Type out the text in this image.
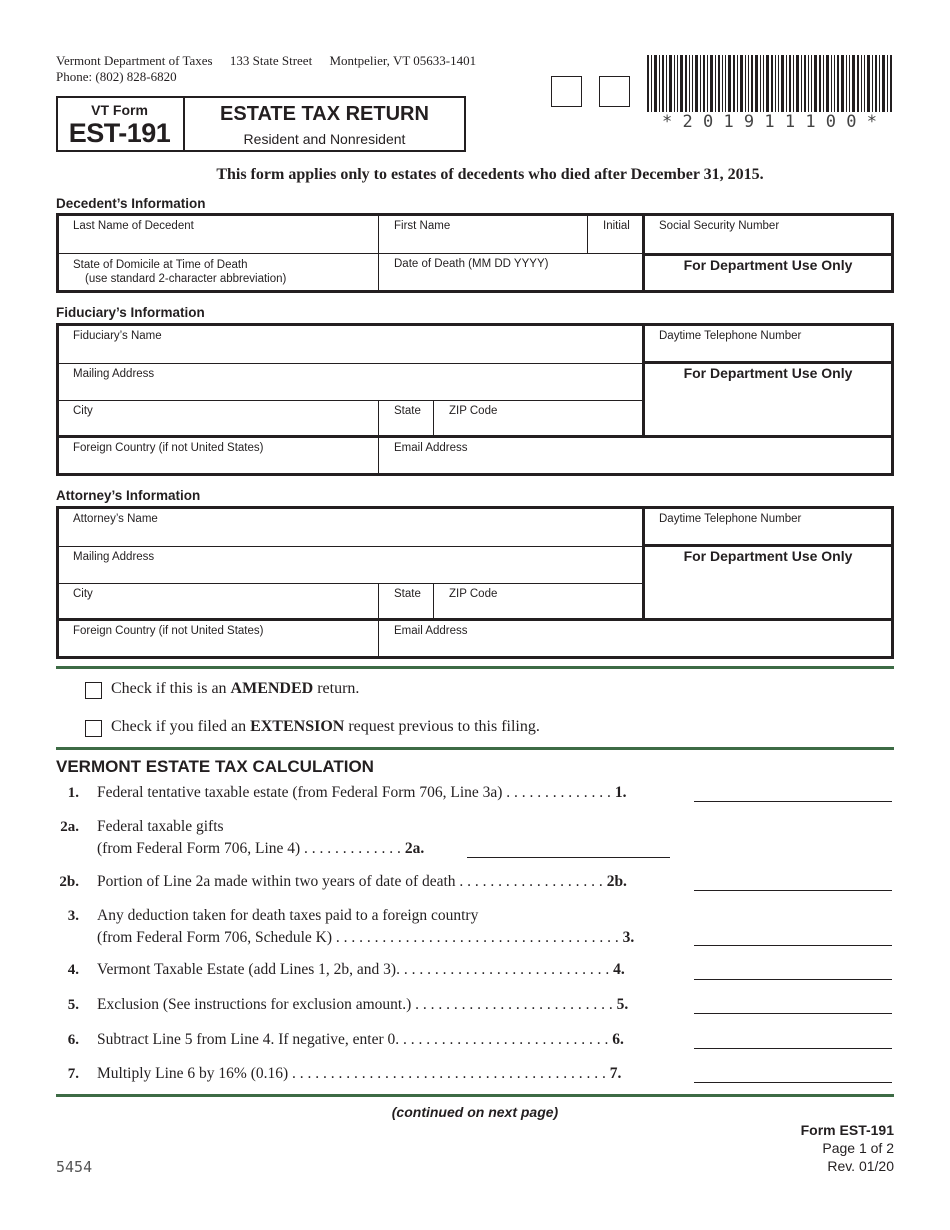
Vermont Department of Taxes 133 State Street Montpelier, VT 05633-1401
Phone: (802) 828-6820
VT Form
EST-191
ESTATE TAX RETURN
Resident and Nonresident
* 2 0 1 9 1 1 1 0 0 *
This form applies only to estates of decedents who died after December 31, 2015.
Decedent’s Information
Last Name of Decedent	First Name	Initial	Social Security Number
State of Domicile at Time of Death
(use standard 2-character abbreviation)
Date of Death (MM DD YYYY)	For Department Use Only
Fiduciary’s Information
Fiduciary’s Name	Daytime Telephone Number
Mailing Address	For Department Use Only
City	State	ZIP Code
Foreign Country (if not United States)	Email Address
Attorney’s Information
Attorney’s Name	Daytime Telephone Number
Mailing Address	For Department Use Only
City	State	ZIP Code
Foreign Country (if not United States)	Email Address
Check if this is an AMENDED return.
Check if you filed an EXTENSION request previous to this filing.
VERMONT ESTATE TAX CALCULATION
1. Federal tentative taxable estate (from Federal Form 706, Line 3a) . . . . . . . . . . . . . . 1.
2a. Federal taxable gifts
(from Federal Form 706, Line 4) . . . . . . . . . . . . . 2a.
2b. Portion of Line 2a made within two years of date of death . . . . . . . . . . . . . . . . . . . 2b.
3. Any deduction taken for death taxes paid to a foreign country
(from Federal Form 706, Schedule K) . . . . . . . . . . . . . . . . . . . . . . . . . . . . . . . . . . . . . 3.
4. Vermont Taxable Estate (add Lines 1, 2b, and 3). . . . . . . . . . . . . . . . . . . . . . . . . . . . 4.
5. Exclusion (See instructions for exclusion amount.) . . . . . . . . . . . . . . . . . . . . . . . . . . 5.
6. Subtract Line 5 from Line 4. If negative, enter 0. . . . . . . . . . . . . . . . . . . . . . . . . . . . 6.
7. Multiply Line 6 by 16% (0.16) . . . . . . . . . . . . . . . . . . . . . . . . . . . . . . . . . . . . . . . . . 7.
(continued on next page)
Form EST-191
Page 1 of 2
Rev. 01/20
5454
